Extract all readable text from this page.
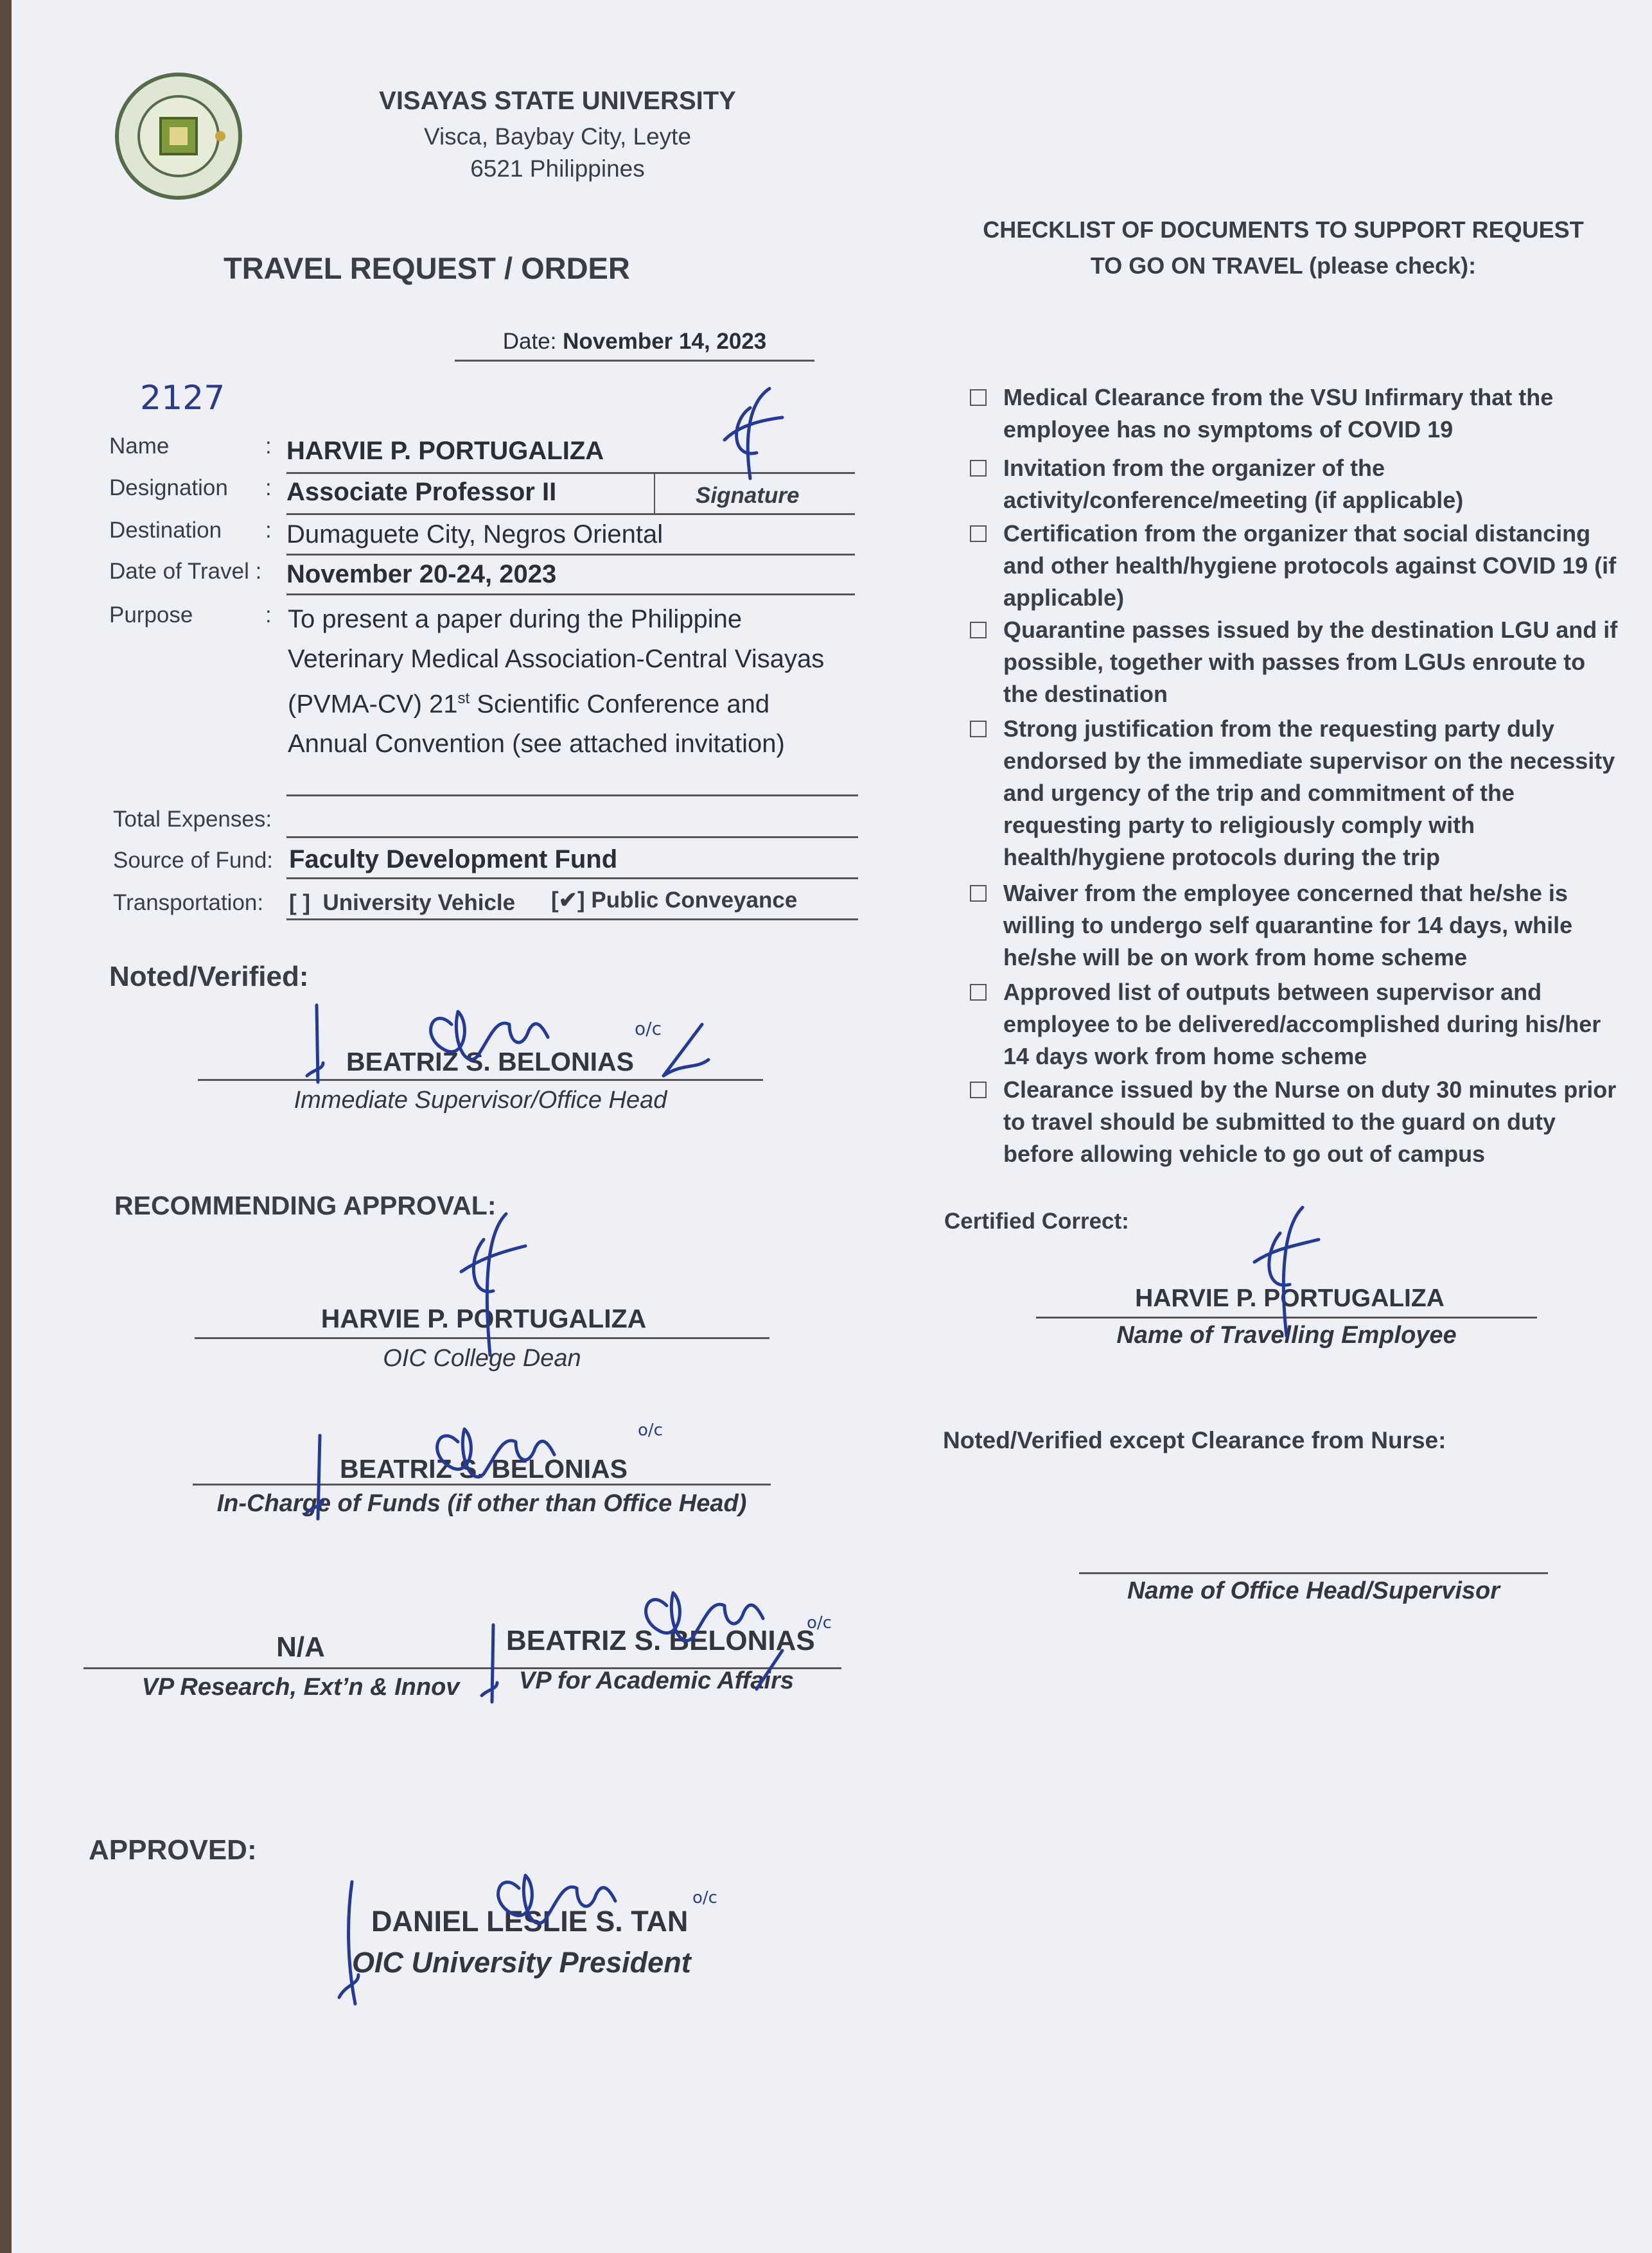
VISAYAS STATE UNIVERSITY
Visca, Baybay City, Leyte
6521 Philippines
TRAVEL REQUEST / ORDER
Date: November 14, 2023
2127
Name	: HARVIE P. PORTUGALIZA
Designation : Associate Professor II	Signature
Destination : Dumaguete City, Negros Oriental
Date of Travel : November 20-24, 2023
Purpose	: To present a paper during the Philippine Veterinary Medical Association-Central Visayas (PVMA-CV) 21st Scientific Conference and Annual Convention (see attached invitation)
Total Expenses:
Source of Fund: Faculty Development Fund
Transportation: [ ] University Vehicle [✔] Public Conveyance
Noted/Verified:
BEATRIZ S. BELONIAS
Immediate Supervisor/Office Head
o/c
RECOMMENDING APPROVAL:
HARVIE P. PORTUGALIZA
OIC College Dean
BEATRIZ S. BELONIAS
In-Charge of Funds (if other than Office Head)
o/c
N/A
VP Research, Ext’n & Innov
BEATRIZ S. BELONIAS
VP for Academic Affairs
o/c
APPROVED:
DANIEL LESLIE S. TAN
OIC University President
o/c
CHECKLIST OF DOCUMENTS TO SUPPORT REQUEST
TO GO ON TRAVEL (please check):
Medical Clearance from the VSU Infirmary that the employee has no symptoms of COVID 19
Invitation from the organizer of the activity/conference/meeting (if applicable)
Certification from the organizer that social distancing and other health/hygiene protocols against COVID 19 (if applicable)
Quarantine passes issued by the destination LGU and if possible, together with passes from LGUs enroute to the destination
Strong justification from the requesting party duly endorsed by the immediate supervisor on the necessity and urgency of the trip and commitment of the requesting party to religiously comply with health/hygiene protocols during the trip
Waiver from the employee concerned that he/she is willing to undergo self quarantine for 14 days, while he/she will be on work from home scheme
Approved list of outputs between supervisor and employee to be delivered/accomplished during his/her 14 days work from home scheme
Clearance issued by the Nurse on duty 30 minutes prior to travel should be submitted to the guard on duty before allowing vehicle to go out of campus
Certified Correct:
HARVIE P. PORTUGALIZA
Name of Travelling Employee
Noted/Verified except Clearance from Nurse:
Name of Office Head/Supervisor
